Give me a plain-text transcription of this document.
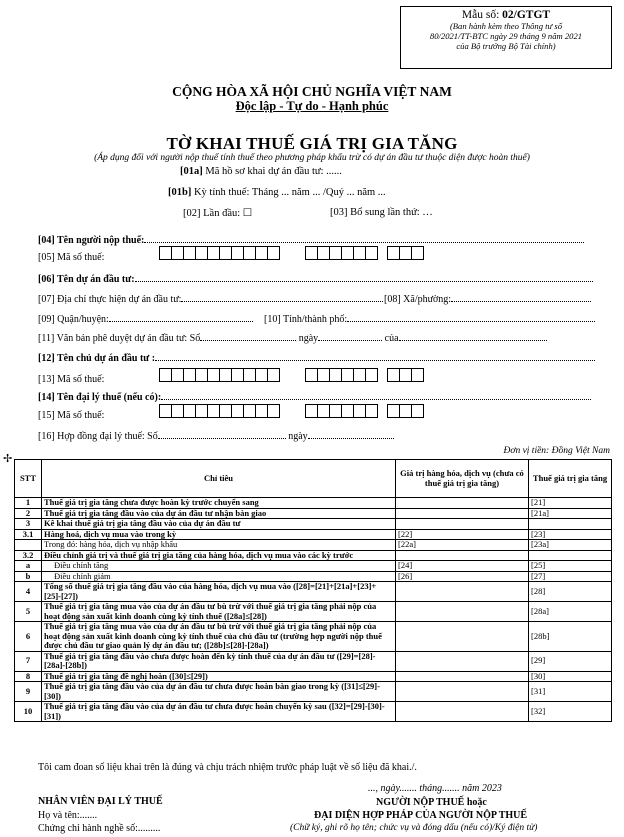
Mẫu số: 02/GTGT
(Ban hành kèm theo Thông tư số
80/2021/TT-BTC ngày 29 tháng 9 năm 2021
của Bộ trưởng Bộ Tài chính)
CỘNG HÒA XÃ HỘI CHỦ NGHĨA VIỆT NAM
Độc lập - Tự do - Hạnh phúc
TỜ KHAI THUẾ GIÁ TRỊ GIA TĂNG
(Áp dụng đối với người nộp thuế tính thuế theo phương pháp khấu trừ có dự án đầu tư thuộc diện được hoàn thuế)
[01a] Mã hồ sơ khai dự án đầu tư: ......
[01b] Kỳ tính thuế: Tháng ... năm ... /Quý ... năm ...
[02] Lần đầu: ☐	[03] Bổ sung lần thứ: …
[04] Tên người nộp thuế:
[05] Mã số thuế:
[06] Tên dự án đầu tư:
[07] Địa chỉ thực hiện dự án đầu tư:	[08] Xã/phường:
[09] Quận/huyện:	[10] Tỉnh/thành phố:
[11] Văn bản phê duyệt dự án đầu tư: Số	ngày	của
[12] Tên chủ dự án đầu tư :
[13] Mã số thuế:
[14] Tên đại lý thuế (nếu có):
[15] Mã số thuế:
[16] Hợp đồng đại lý thuế: Số	ngày
✢
Đơn vị tiền: Đồng Việt Nam
STT	Chỉ tiêu	Giá trị hàng hóa, dịch vụ (chưa có thuế giá trị gia tăng)	Thuế giá trị gia tăng
1	Thuế giá trị gia tăng chưa được hoàn kỳ trước chuyển sang		[21]
2	Thuế giá trị gia tăng đầu vào của dự án đầu tư nhận bàn giao		[21a]
3	Kê khai thuế giá trị gia tăng đầu vào của dự án đầu tư		
3.1	Hàng hoá, dịch vụ mua vào trong kỳ	[22]	[23]
	Trong đó: hàng hóa, dịch vụ nhập khẩu	[22a]	[23a]
3.2	Điều chỉnh giá trị và thuế giá trị gia tăng của hàng hóa, dịch vụ mua vào các kỳ trước		
a	Điều chỉnh tăng	[24]	[25]
b	Điều chỉnh giảm	[26]	[27]
4	Tổng số thuế giá trị gia tăng đầu vào của hàng hóa, dịch vụ mua vào ([28]=[21]+[21a]+[23]+[25]-[27])		[28]
5	Thuế giá trị gia tăng mua vào của dự án đầu tư bù trừ với thuế giá trị gia tăng phải nộp của hoạt động sản xuất kinh doanh cùng kỳ tính thuế ([28a]≤[28])		[28a]
6	Thuế giá trị gia tăng mua vào của dự án đầu tư bù trừ với thuế giá trị gia tăng phải nộp của hoạt động sản xuất kinh doanh cùng kỳ tính thuế của chủ đầu tư (trường hợp người nộp thuế được chủ đầu tư giao quản lý dự án đầu tư; ([28b]≤[28]-[28a])		[28b]
7	Thuế giá trị gia tăng đầu vào chưa được hoàn đến kỳ tính thuế của dự án đầu tư ([29]=[28]-[28a]-[28b])		[29]
8	Thuế giá trị gia tăng đề nghị hoàn ([30]≤[29])		[30]
9	Thuế giá trị gia tăng đầu vào của dự án đầu tư chưa được hoàn bàn giao trong kỳ ([31]≤[29]-[30])		[31]
10	Thuế giá trị gia tăng đầu vào của dự án đầu tư chưa được hoàn chuyển kỳ sau ([32]=[29]-[30]-[31])		[32]
Tôi cam đoan số liệu khai trên là đúng và chịu trách nhiệm trước pháp luật về số liệu đã khai./.
..., ngày....... tháng....... năm 2023
NHÂN VIÊN ĐẠI LÝ THUẾ
Họ và tên:.......
Chứng chỉ hành nghề số:.........
NGƯỜI NỘP THUẾ hoặc
ĐẠI DIỆN HỢP PHÁP CỦA NGƯỜI NỘP THUẾ
(Chữ ký, ghi rõ họ tên; chức vụ và đóng dấu (nếu có)/Ký điện tử)
